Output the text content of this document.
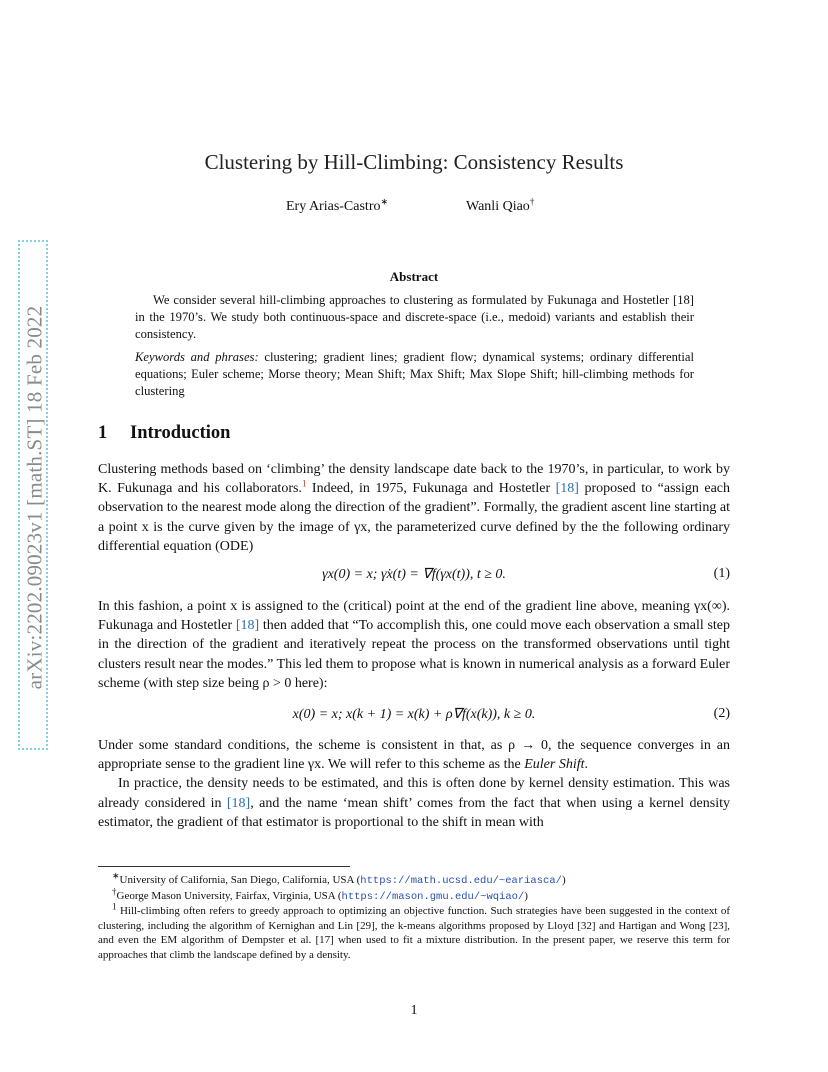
arXiv:2202.09023v1 [math.ST] 18 Feb 2022
Clustering by Hill-Climbing: Consistency Results
Ery Arias-Castro∗	Wanli Qiao†
Abstract

We consider several hill-climbing approaches to clustering as formulated by Fukunaga and Hostetler [18] in the 1970’s. We study both continuous-space and discrete-space (i.e., medoid) variants and establish their consistency.

Keywords and phrases: clustering; gradient lines; gradient flow; dynamical systems; ordinary differential equations; Euler scheme; Morse theory; Mean Shift; Max Shift; Max Slope Shift; hill-climbing methods for clustering
1 Introduction

Clustering methods based on ‘climbing’ the density landscape date back to the 1970’s, in particular, to work by K. Fukunaga and his collaborators.$^1$ Indeed, in 1975, Fukunaga and Hostetler [18] proposed to “assign each observation to the nearest mode along the direction of the gradient”. Formally, the gradient ascent line starting at a point x is the curve given by the image of γx, the parameterized curve defined by the the following ordinary differential equation (ODE)

γx(0) = x; γ̇x(t) = ∇f(γx(t)), t ≥ 0.	(1)

In this fashion, a point x is assigned to the (critical) point at the end of the gradient line above, meaning γx(∞). Fukunaga and Hostetler [18] then added that “To accomplish this, one could move each observation a small step in the direction of the gradient and iteratively repeat the process on the transformed observations until tight clusters result near the modes.” This led them to propose what is known in numerical analysis as a forward Euler scheme (with step size being ρ > 0 here):

x(0) = x; x(k + 1) = x(k) + ρ∇f(x(k)), k ≥ 0.	(2)

Under some standard conditions, the scheme is consistent in that, as ρ → 0, the sequence converges in an appropriate sense to the gradient line γx. We will refer to this scheme as the Euler Shift.

In practice, the density needs to be estimated, and this is often done by kernel density estimation. This was already considered in [18], and the name ‘mean shift’ comes from the fact that when using a kernel density estimator, the gradient of that estimator is proportional to the shift in mean with

∗University of California, San Diego, California, USA (https://math.ucsd.edu/~eariasca/)

†George Mason University, Fairfax, Virginia, USA (https://mason.gmu.edu/~wqiao/)

$^1$ Hill-climbing often refers to greedy approach to optimizing an objective function. Such strategies have been suggested in the context of clustering, including the algorithm of Kernighan and Lin [29], the k-means algorithms proposed by Lloyd [32] and Hartigan and Wong [23], and even the EM algorithm of Dempster et al. [17] when used to fit a mixture distribution. In the present paper, we reserve this term for approaches that climb the landscape defined by a density.

1
